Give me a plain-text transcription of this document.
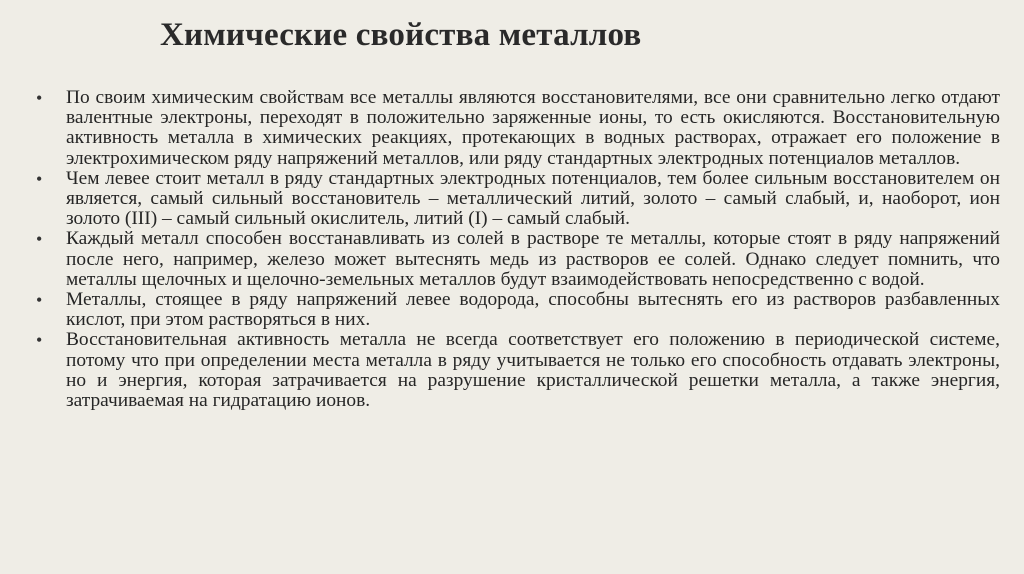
Химические свойства металлов
•	По своим химическим свойствам все металлы являются восстановителями, все они сравнительно легко отдают валентные электроны, переходят в положительно заряженные ионы, то есть окисляются. Восстановительную активность металла в химических реакциях, протекающих в водных растворах, отражает его положение в электрохимическом ряду напряжений металлов, или ряду стандартных электродных потенциалов металлов.
•	Чем левее стоит металл в ряду стандартных электродных потенциалов, тем более сильным восстановителем он является, самый сильный восстановитель – металлический литий, золото – самый слабый, и, наоборот, ион золото (III) – самый сильный окислитель, литий (I) – самый слабый.
•	Каждый металл способен восстанавливать из солей в растворе те металлы, которые стоят в ряду напряжений после него, например, железо может вытеснять медь из растворов ее солей. Однако следует помнить, что металлы щелочных и щелочно-земельных металлов будут взаимодействовать непосредственно с водой.
•	Металлы, стоящее в ряду напряжений левее водорода, способны вытеснять его из растворов разбавленных кислот, при этом растворяться в них.
•	Восстановительная активность металла не всегда соответствует его положению в периодической системе, потому что при определении места металла в ряду учитывается не только его способность отдавать электроны, но и энергия, которая затрачивается на разрушение кристаллической решетки металла, а также энергия, затрачиваемая на гидратацию ионов.
